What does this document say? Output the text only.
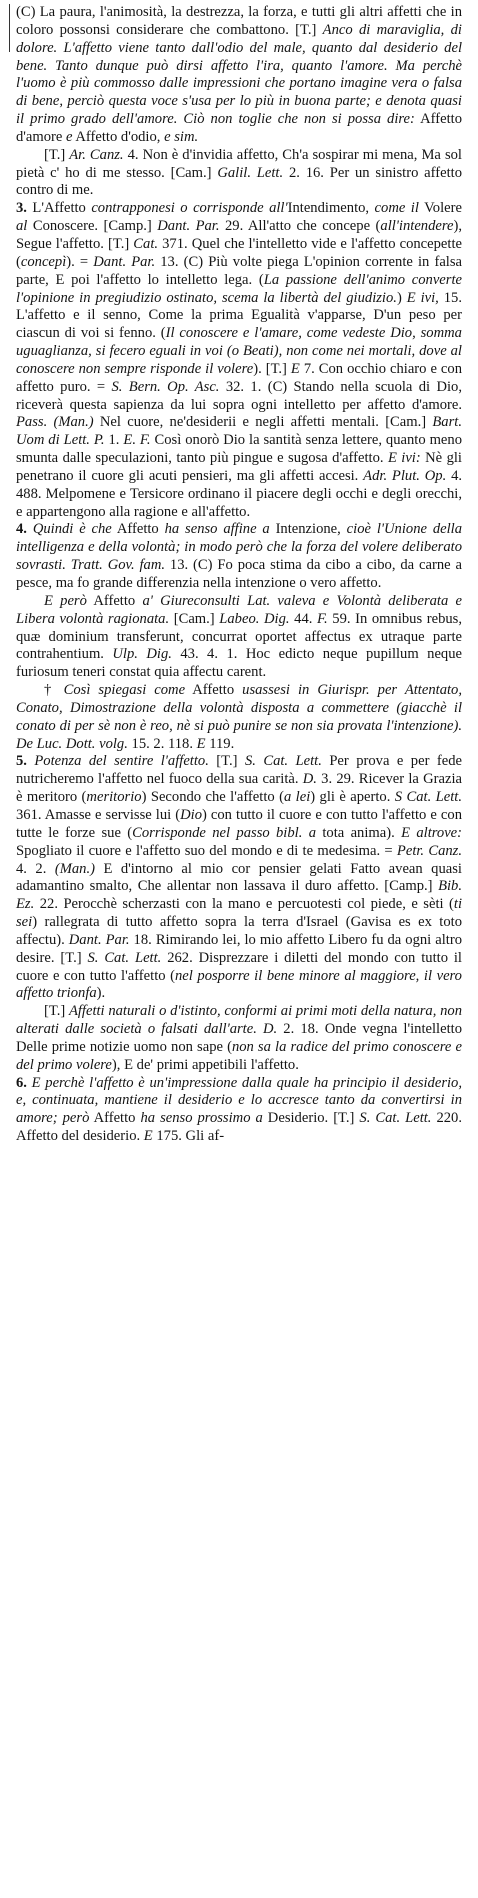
(C) La paura, l'animosità, la destrezza, la forza, e tutti gli altri affetti che in coloro possonsi considerare che combattono. [T.] Anco di maraviglia, di dolore. L'affetto viene tanto dall'odio del male, quanto dal desiderio del bene. Tanto dunque può dirsi affetto l'ira, quanto l'amore. Ma perchè l'uomo è più commosso dalle impressioni che portano imagine vera o falsa di bene, perciò questa voce s'usa per lo più in buona parte; e denota quasi il primo grado dell'amore. Ciò non toglie che non si possa dire: Affetto d'amore e Affetto d'odio, e sim.

[T.] Ar. Canz. 4. Non è d'invidia affetto, Ch'a sospirar mi mena, Ma sol pietà c' ho di me stesso. [Cam.] Galil. Lett. 2. 16. Per un sinistro affetto contro di me.

3. L'Affetto contrapponesi o corrisponde all'Intendimento, come il Volere al Conoscere. [Camp.] Dant. Par. 29. All'atto che concepe (all'intendere), Segue l'affetto. [T.] Cat. 371. Quel che l'intelletto vide e l'affetto concepette (concepì). = Dant. Par. 13. (C) Più volte piega L'opinion corrente in falsa parte, E poi l'affetto lo intelletto lega. (La passione dell'animo converte l'opinione in pregiudizio ostinato, scema la libertà del giudizio.) E ivi, 15. L'affetto e il senno, Come la prima Egualità v'apparse, D'un peso per ciascun di voi si fenno. (Il conoscere e l'amare, come vedeste Dio, somma uguaglianza, si fecero eguali in voi (o Beati), non come nei mortali, dove al conoscere non sempre risponde il volere). [T.] E 7. Con occhio chiaro e con affetto puro. = S. Bern. Op. Asc. 32. 1. (C) Stando nella scuola di Dio, riceverà questa sapienza da lui sopra ogni intelletto per affetto d'amore. Pass. (Man.) Nel cuore, ne'desiderii e negli affetti mentali. [Cam.] Bart. Uom di Lett. P. 1. E. F. Così onorò Dio la santità senza lettere, quanto meno smunta dalle speculazioni, tanto più pingue e sugosa d'affetto. E ivi: Nè gli penetrano il cuore gli acuti pensieri, ma gli affetti accesi. Adr. Plut. Op. 4. 488. Melpomene e Tersicore ordinano il piacere degli occhi e degli orecchi, e appartengono alla ragione e all'affetto.

4. Quindi è che Affetto ha senso affine a Intenzione, cioè l'Unione della intelligenza e della volontà; in modo però che la forza del volere deliberato sovrasti. Tratt. Gov. fam. 13. (C) Fo poca stima da cibo a cibo, da carne a pesce, ma fo grande differenzia nella intenzione o vero affetto.

E però Affetto a' Giureconsulti Lat. valeva e Volontà deliberata e Libera volontà ragionata. [Cam.] Labeo. Dig. 44. F. 59. In omnibus rebus, quæ dominium transferunt, concurrat oportet affectus ex utraque parte contrahentium. Ulp. Dig. 43. 4. 1. Hoc edicto neque pupillum neque furiosum teneri constat quia affectu carent.

† Così spiegasi come Affetto usassesi in Giurispr. per Attentato, Conato, Dimostrazione della volontà disposta a commettere (giacchè il conato di per sè non è reo, nè si può punire se non sia provata l'intenzione). De Luc. Dott. volg. 15. 2. 118. E 119.

5. Potenza del sentire l'affetto. [T.] S. Cat. Lett. Per prova e per fede nutricheremo l'affetto nel fuoco della sua carità. D. 3. 29. Ricever la Grazia è meritoro (meritorio) Secondo che l'affetto (a lei) gli è aperto. S Cat. Lett. 361. Amasse e servisse lui (Dio) con tutto il cuore e con tutto l'affetto e con tutte le forze sue (Corrisponde nel passo bibl. a tota anima). E altrove: Spogliato il cuore e l'affetto suo del mondo e di te medesima. = Petr. Canz. 4. 2. (Man.) E d'intorno al mio cor pensier gelati Fatto avean quasi adamantino smalto, Che allentar non lassava il duro affetto. [Camp.] Bib. Ez. 22. Perocchè scherzasti con la mano e percuotesti col piede, e sèti (ti sei) rallegrata di tutto affetto sopra la terra d'Israel (Gavisa es ex toto affectu). Dant. Par. 18. Rimirando lei, lo mio affetto Libero fu da ogni altro desire. [T.] S. Cat. Lett. 262. Disprezzare i diletti del mondo con tutto il cuore e con tutto l'affetto (nel posporre il bene minore al maggiore, il vero affetto trionfa).

[T.] Affetti naturali o d'istinto, conformi ai primi moti della natura, non alterati dalle società o falsati dall'arte. D. 2. 18. Onde vegna l'intelletto Delle prime notizie uomo non sape (non sa la radice del primo conoscere e del primo volere), E de' primi appetibili l'affetto.

6. E perchè l'affetto è un'impressione dalla quale ha principio il desiderio, e, continuata, mantiene il desiderio e lo accresce tanto da convertirsi in amore; però Affetto ha senso prossimo a Desiderio. [T.] S. Cat. Lett. 220. Affetto del desiderio. E 175. Gli af-
